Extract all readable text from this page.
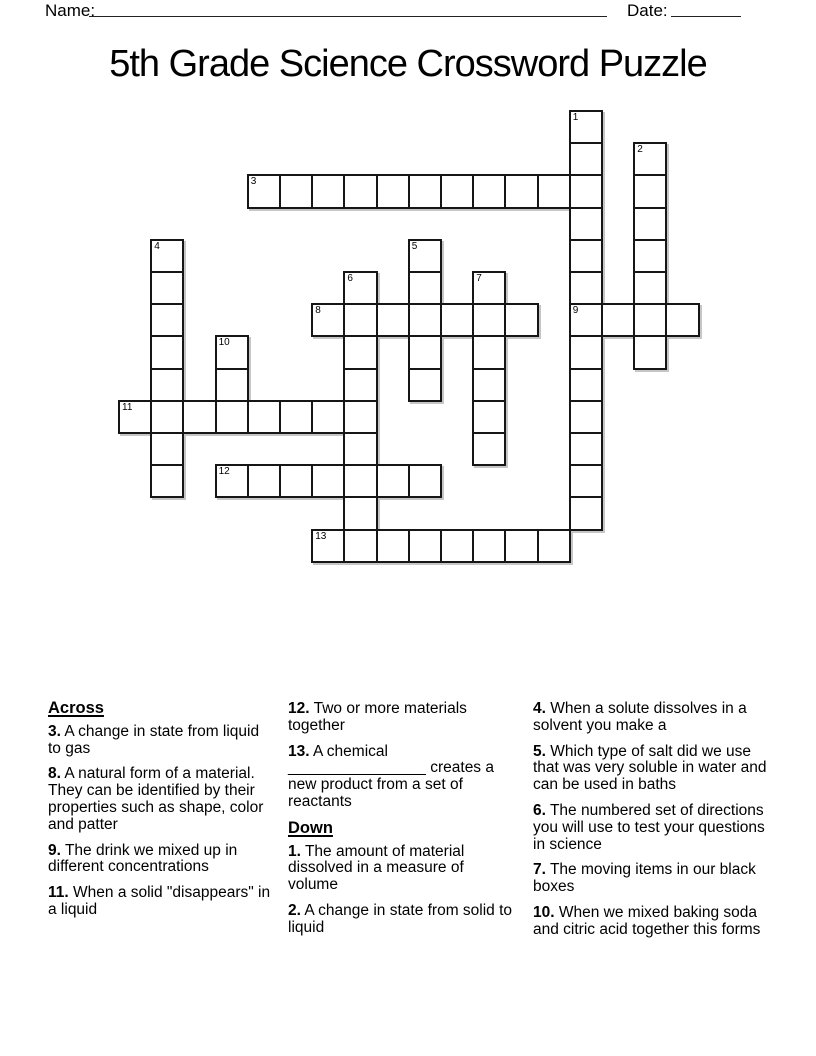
Name:	Date:
5th Grade Science Crossword Puzzle
1
2
3
4	5
6	7
8	9
10
11
12
13
Across

3. A change in state from liquid to gas

8. A natural form of a material. They can be identified by their properties such as shape, color and patter

9. The drink we mixed up in different concentrations

11. When a solid "disappears" in a liquid

12. Two or more materials together

13. A chemical ________________ creates a new product from a set of reactants

Down

1. The amount of material dissolved in a measure of volume

2. A change in state from solid to liquid

4. When a solute dissolves in a solvent you make a

5. Which type of salt did we use that was very soluble in water and can be used in baths

6. The numbered set of directions you will use to test your questions in science

7. The moving items in our black boxes

10. When we mixed baking soda and citric acid together this forms
